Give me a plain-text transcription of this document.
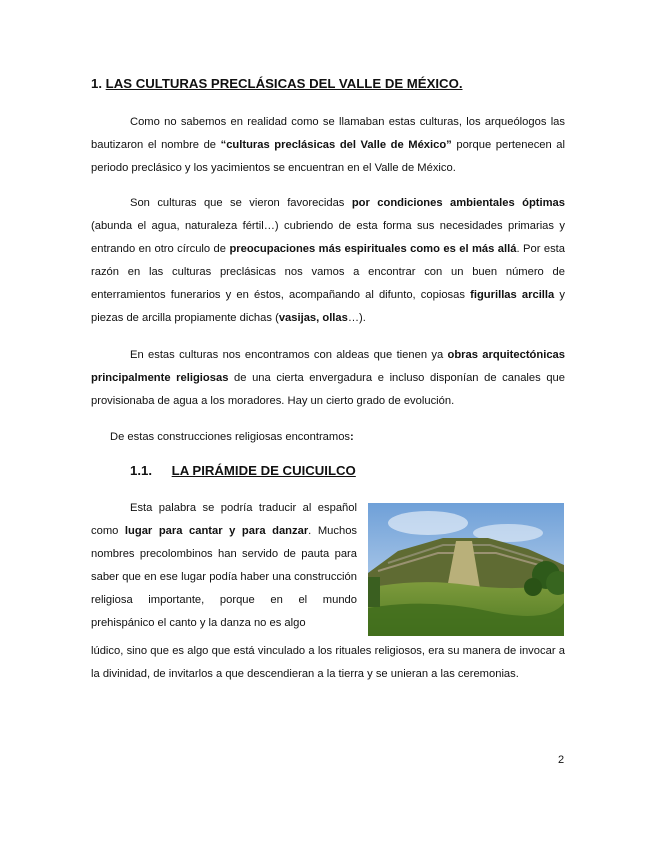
1. LAS CULTURAS PRECLÁSICAS DEL VALLE DE MÉXICO.
Como no sabemos en realidad como se llamaban estas culturas, los arqueólogos las bautizaron el nombre de “culturas preclásicas del Valle de México” porque pertenecen al periodo preclásico y los yacimientos se encuentran en el Valle de México.
Son culturas que se vieron favorecidas por condiciones ambientales óptimas (abunda el agua, naturaleza fértil…) cubriendo de esta forma sus necesidades primarias y entrando en otro círculo de preocupaciones más espirituales como es el más allá. Por esta razón en las culturas preclásicas nos vamos a encontrar con un buen número de enterramientos funerarios y en éstos, acompañando al difunto, copiosas figurillas arcilla y piezas de arcilla propiamente dichas (vasijas, ollas…).
En estas culturas nos encontramos con aldeas que tienen ya obras arquitectónicas principalmente religiosas de una cierta envergadura e incluso disponían de canales que provisionaba de agua a los moradores. Hay un cierto grado de evolución.
De estas construcciones religiosas encontramos:
1.1. LA PIRÁMIDE DE CUICUILCO
Esta palabra se podría traducir al español como lugar para cantar y para danzar. Muchos nombres precolombinos han servido de pauta para saber que en ese lugar podía haber una construcción religiosa importante, porque en el mundo prehispánico el canto y la danza no es algo
lúdico, sino que es algo que está vinculado a los rituales religiosos, era su manera de invocar a la divinidad, de invitarlos a que descendieran a la tierra y se unieran a las ceremonias.
2
